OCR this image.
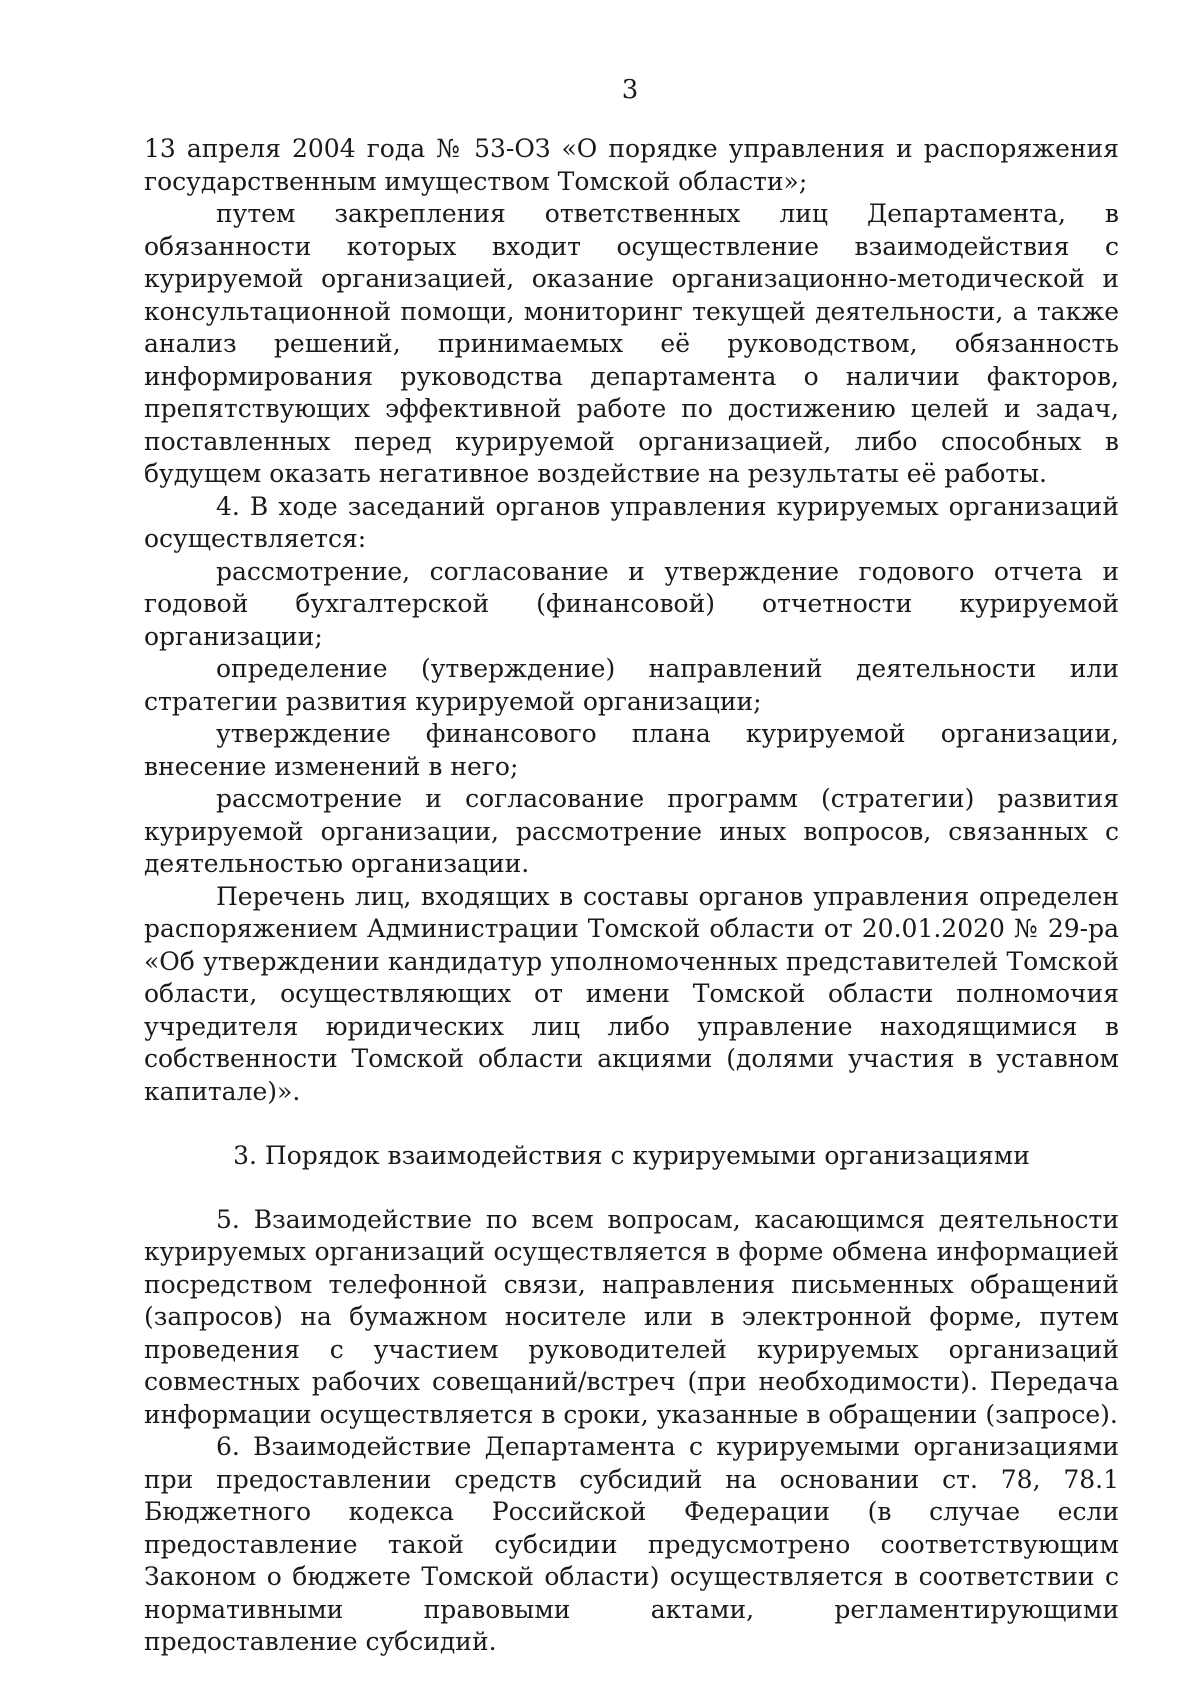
3

13 апреля 2004 года № 53-ОЗ «О порядке управления и распоряжения государственным имуществом Томской области»;

путем закрепления ответственных лиц Департамента, в обязанности которых входит осуществление взаимодействия с курируемой организацией, оказание организационно-методической и консультационной помощи, мониторинг текущей деятельности, а также анализ решений, принимаемых её руководством, обязанность информирования руководства департамента о наличии факторов, препятствующих эффективной работе по достижению целей и задач, поставленных перед курируемой организацией, либо способных в будущем оказать негативное воздействие на результаты её работы.

4. В ходе заседаний органов управления курируемых организаций осуществляется:

рассмотрение, согласование и утверждение годового отчета и годовой бухгалтерской (финансовой) отчетности курируемой организации;

определение (утверждение) направлений деятельности или стратегии развития курируемой организации;

утверждение финансового плана курируемой организации, внесение изменений в него;

рассмотрение и согласование программ (стратегии) развития курируемой организации, рассмотрение иных вопросов, связанных с деятельностью организации.

Перечень лиц, входящих в составы органов управления определен распоряжением Администрации Томской области от 20.01.2020 № 29-ра «Об утверждении кандидатур уполномоченных представителей Томской области, осуществляющих от имени Томской области полномочия учредителя юридических лиц либо управление находящимися в собственности Томской области акциями (долями участия в уставном капитале)».

3. Порядок взаимодействия с курируемыми организациями

5. Взаимодействие по всем вопросам, касающимся деятельности курируемых организаций осуществляется в форме обмена информацией посредством телефонной связи, направления письменных обращений (запросов) на бумажном носителе или в электронной форме, путем проведения с участием руководителей курируемых организаций совместных рабочих совещаний/встреч (при необходимости). Передача информации осуществляется в сроки, указанные в обращении (запросе).

6. Взаимодействие Департамента с курируемыми организациями при предоставлении средств субсидий на основании ст. 78, 78.1 Бюджетного кодекса Российской Федерации (в случае если предоставление такой субсидии предусмотрено соответствующим Законом о бюджете Томской области) осуществляется в соответствии с нормативными правовыми актами, регламентирующими предоставление субсидий.
